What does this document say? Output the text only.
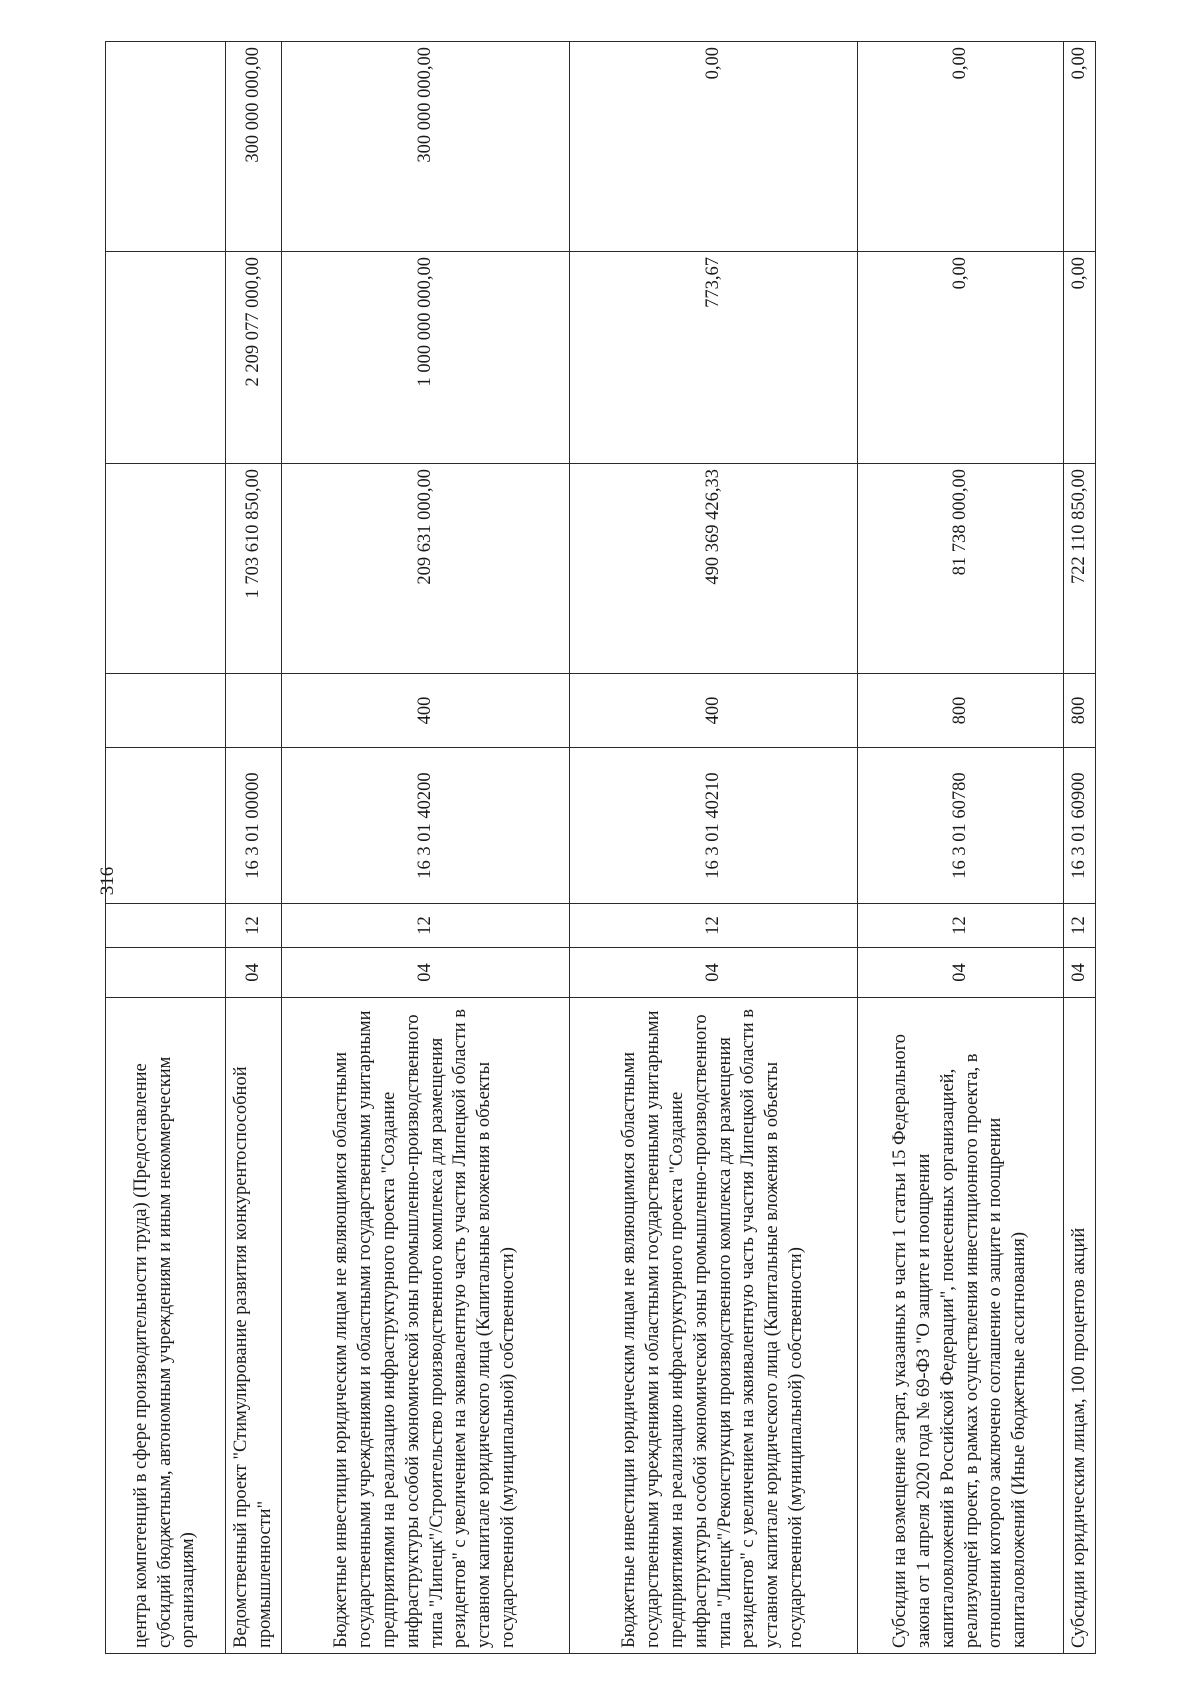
316
центра компетенций в сфере производительности труда) (Предоставление субсидий бюджетным, автономным учреждениям и иным некоммерческим организациям)							
Ведомственный проект "Стимулирование развития конкурентоспособной промышленности"	04	12	16 3 01 00000		1 703 610 850,00	2 209 077 000,00	300 000 000,00
Бюджетные инвестиции юридическим лицам не являющимися областными государственными учреждениями и областными государственными унитарными предприятиями на реализацию инфраструктурного проекта "Создание инфраструктуры особой экономической зоны промышленно-производственного типа "Липецк"/Строительство производственного комплекса для размещения резидентов" с увеличением на эквивалентную часть участия Липецкой области в уставном капитале юридического лица (Капитальные вложения в объекты государственной (муниципальной) собственности)	04	12	16 3 01 40200	400	209 631 000,00	1 000 000 000,00	300 000 000,00
Бюджетные инвестиции юридическим лицам не являющимися областными государственными учреждениями и областными государственными унитарными предприятиями на реализацию инфраструктурного проекта "Создание инфраструктуры особой экономической зоны промышленно-производственного типа "Липецк"/Реконструкция производственного комплекса для размещения резидентов" с увеличением на эквивалентную часть участия Липецкой области в уставном капитале юридического лица (Капитальные вложения в объекты государственной (муниципальной) собственности)	04	12	16 3 01 40210	400	490 369 426,33	773,67	0,00
Субсидии на возмещение затрат, указанных в части 1 статьи 15 Федерального закона от 1 апреля 2020 года № 69-ФЗ "О защите и поощрении капиталовложений в Российской Федерации", понесенных организацией, реализующей проект, в рамках осуществления инвестиционного проекта, в отношении которого заключено соглашение о защите и поощрении капиталовложений (Иные бюджетные ассигнования)	04	12	16 3 01 60780	800	81 738 000,00	0,00	0,00
Субсидии юридическим лицам, 100 процентов акций	04	12	16 3 01 60900	800	722 110 850,00	0,00	0,00
